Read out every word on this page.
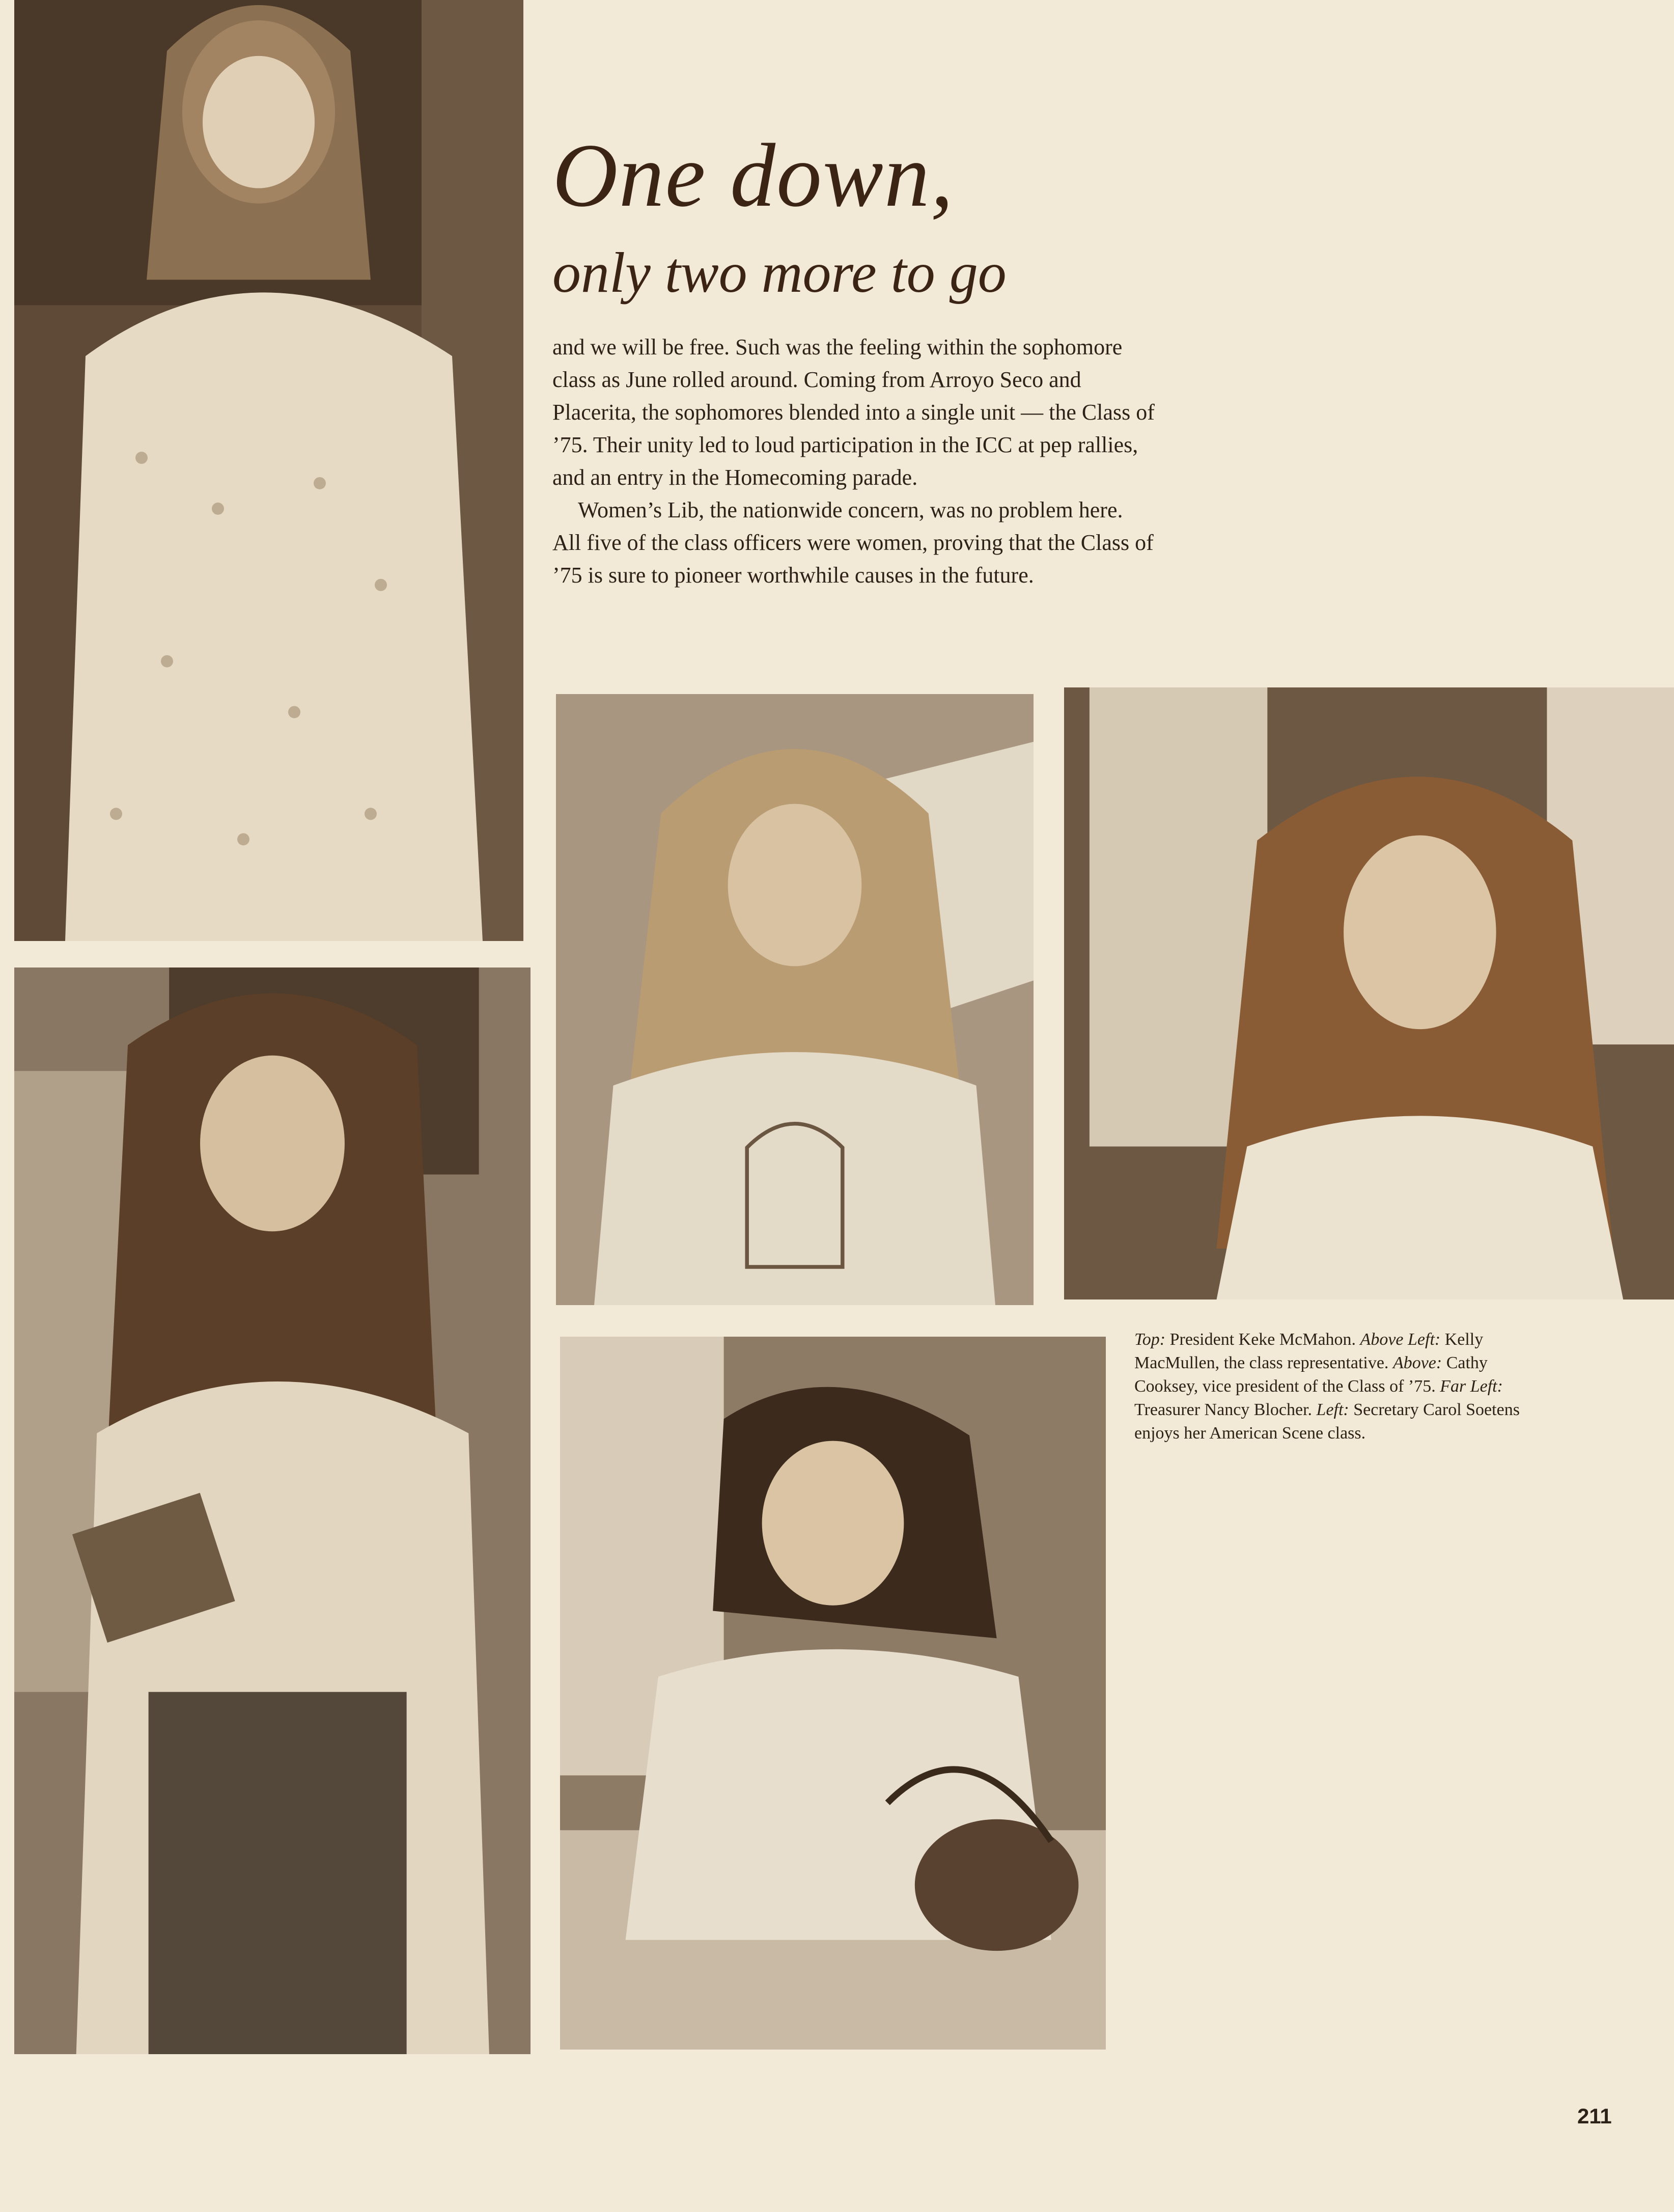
One down,
only two more to go

and we will be free. Such was the feeling within the sophomore class as June rolled around. Coming from Arroyo Seco and Placerita, the sophomores blended into a single unit — the Class of ’75. Their unity led to loud participation in the ICC at pep rallies, and an entry in the Homecoming parade.

Women’s Lib, the nationwide concern, was no problem here. All five of the class officers were women, proving that the Class of ’75 is sure to pioneer worthwhile causes in the future.

Top: President Keke McMahon. Above Left: Kelly MacMullen, the class representative. Above: Cathy Cooksey, vice president of the Class of ’75. Far Left: Treasurer Nancy Blocher. Left: Secretary Carol Soetens enjoys her American Scene class.
211
